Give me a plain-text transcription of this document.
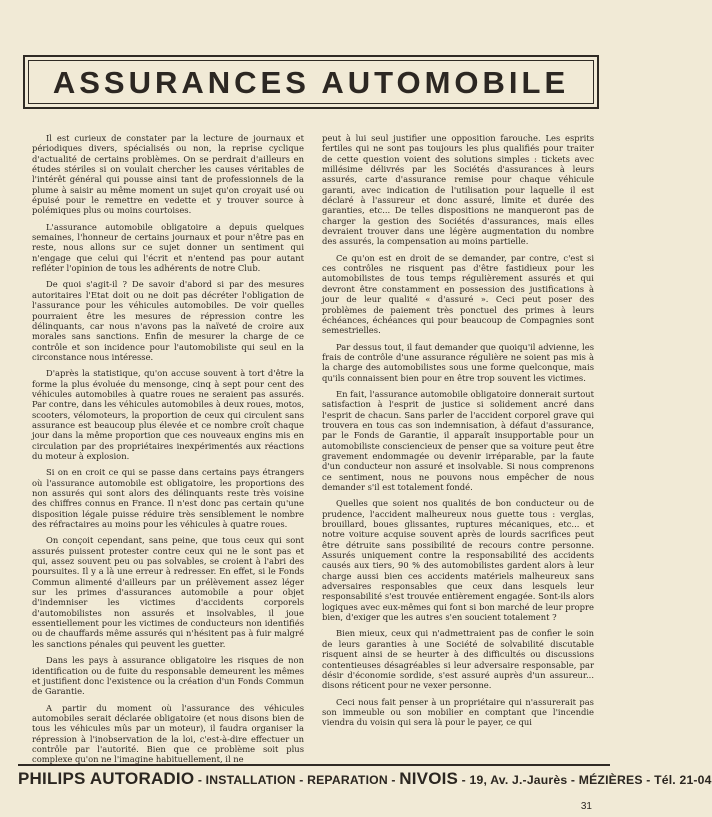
ASSURANCES AUTOMOBILE

Il est curieux de constater par la lecture de journaux et périodiques divers, spécialisés ou non, la reprise cyclique d'actualité de certains problèmes. On se perdrait d'ailleurs en études stériles si on voulait chercher les causes véritables de l'intérêt général qui pousse ainsi tant de professionnels de la plume à saisir au même moment un sujet qu'on croyait usé ou épuisé pour le remettre en vedette et y trouver source à polémiques plus ou moins courtoises.

L'assurance automobile obligatoire a depuis quelques semaines, l'honneur de certains journaux et pour n'être pas en reste, nous allons sur ce sujet donner un sentiment qui n'engage que celui qui l'écrit et n'entend pas pour autant refléter l'opinion de tous les adhérents de notre Club.

De quoi s'agit-il ? De savoir d'abord si par des mesures autoritaires l'Etat doit ou ne doit pas décréter l'obligation de l'assurance pour les véhicules automobiles. De voir quelles pourraient être les mesures de répression contre les délinquants, car nous n'avons pas la naïveté de croire aux morales sans sanctions. Enfin de mesurer la charge de ce contrôle et son incidence pour l'automobiliste qui seul en la circonstance nous intéresse.

D'après la statistique, qu'on accuse souvent à tort d'être la forme la plus évoluée du mensonge, cinq à sept pour cent des véhicules automobiles à quatre roues ne seraient pas assurés. Par contre, dans les véhicules automobiles à deux roues, motos, scooters, vélomoteurs, la proportion de ceux qui circulent sans assurance est beaucoup plus élevée et ce nombre croît chaque jour dans la même proportion que ces nouveaux engins mis en circulation par des propriétaires inexpérimentés aux réactions du moteur à explosion.

Si on en croit ce qui se passe dans certains pays étrangers où l'assurance automobile est obligatoire, les proportions des non assurés qui sont alors des délinquants reste très voisine des chiffres connus en France. Il n'est donc pas certain qu'une disposition légale puisse réduire très sensiblement le nombre des réfractaires au moins pour les véhicules à quatre roues.

On conçoit cependant, sans peine, que tous ceux qui sont assurés puissent protester contre ceux qui ne le sont pas et qui, assez souvent peu ou pas solvables, se croient à l'abri des poursuites. Il y a là une erreur à redresser. En effet, si le Fonds Commun alimenté d'ailleurs par un prélèvement assez léger sur les primes d'assurances automobile a pour objet d'indemniser les victimes d'accidents corporels d'automobilistes non assurés et insolvables, il joue essentiellement pour les victimes de conducteurs non identifiés ou de chauffards même assurés qui n'hésitent pas à fuir malgré les sanctions pénales qui peuvent les guetter.

Dans les pays à assurance obligatoire les risques de non identification ou de fuite du responsable demeurent les mêmes et justifient donc l'existence ou la création d'un Fonds Commun de Garantie.

A partir du moment où l'assurance des véhicules automobiles serait déclarée obligatoire (et nous disons bien de tous les véhicules mûs par un moteur), il faudra organiser la répression à l'inobservation de la loi, c'est-à-dire effectuer un contrôle par l'autorité. Bien que ce problème soit plus complexe qu'on ne l'imagine habituellement, il ne

peut à lui seul justifier une opposition farouche. Les esprits fertiles qui ne sont pas toujours les plus qualifiés pour traiter de cette question voient des solutions simples : tickets avec millésime délivrés par les Sociétés d'assurances à leurs assurés, carte d'assurance remise pour chaque véhicule garanti, avec indication de l'utilisation pour laquelle il est déclaré à l'assureur et donc assuré, limite et durée des garanties, etc... De telles dispositions ne manqueront pas de charger la gestion des Sociétés d'assurances, mais elles devraient trouver dans une légère augmentation du nombre des assurés, la compensation au moins partielle.

Ce qu'on est en droit de se demander, par contre, c'est si ces contrôles ne risquent pas d'être fastidieux pour les automobilistes de tous temps régulièrement assurés et qui devront être constamment en possession des justifications à jour de leur qualité « d'assuré ». Ceci peut poser des problèmes de paiement très ponctuel des primes à leurs échéances, échéances qui pour beaucoup de Compagnies sont semestrielles.

Par dessus tout, il faut demander que quoiqu'il advienne, les frais de contrôle d'une assurance régulière ne soient pas mis à la charge des automobilistes sous une forme quelconque, mais qu'ils connaissent bien pour en être trop souvent les victimes.

En fait, l'assurance automobile obligatoire donnerait surtout satisfaction à l'esprit de justice si solidement ancré dans l'esprit de chacun. Sans parler de l'accident corporel grave qui trouvera en tous cas son indemnisation, à défaut d'assurance, par le Fonds de Garantie, il apparaît insupportable pour un automobiliste consciencieux de penser que sa voiture peut être gravement endommagée ou devenir irréparable, par la faute d'un conducteur non assuré et insolvable. Si nous comprenons ce sentiment, nous ne pouvons nous empêcher de nous demander s'il est totalement fondé.

Quelles que soient nos qualités de bon conducteur ou de prudence, l'accident malheureux nous guette tous : verglas, brouillard, boues glissantes, ruptures mécaniques, etc... et notre voiture acquise souvent après de lourds sacrifices peut être détruite sans possibilité de recours contre personne. Assurés uniquement contre la responsabilité des accidents causés aux tiers, 90 % des automobilistes gardent alors à leur charge aussi bien ces accidents matériels malheureux sans adversaires responsables que ceux dans lesquels leur responsabilité s'est trouvée entièrement engagée. Sont-ils alors logiques avec eux-mêmes qui font si bon marché de leur propre bien, d'exiger que les autres s'en soucient totalement ?

Bien mieux, ceux qui n'admettraient pas de confier le soin de leurs garanties à une Société de solvabilité discutable risquent ainsi de se heurter à des difficultés ou discussions contentieuses désagréables si leur adversaire responsable, par désir d'économie sordide, s'est assuré auprès d'un assureur... disons réticent pour ne vexer personne.

Ceci nous fait penser à un propriétaire qui n'assurerait pas son immeuble ou son mobilier en comptant que l'incendie viendra du voisin qui sera là pour le payer, ce qui

PHILIPS AUTORADIO - INSTALLATION - REPARATION - NIVOIS - 19, Av. J.-Jaurès - MÉZIÈRES - Tél. 21-04
31
